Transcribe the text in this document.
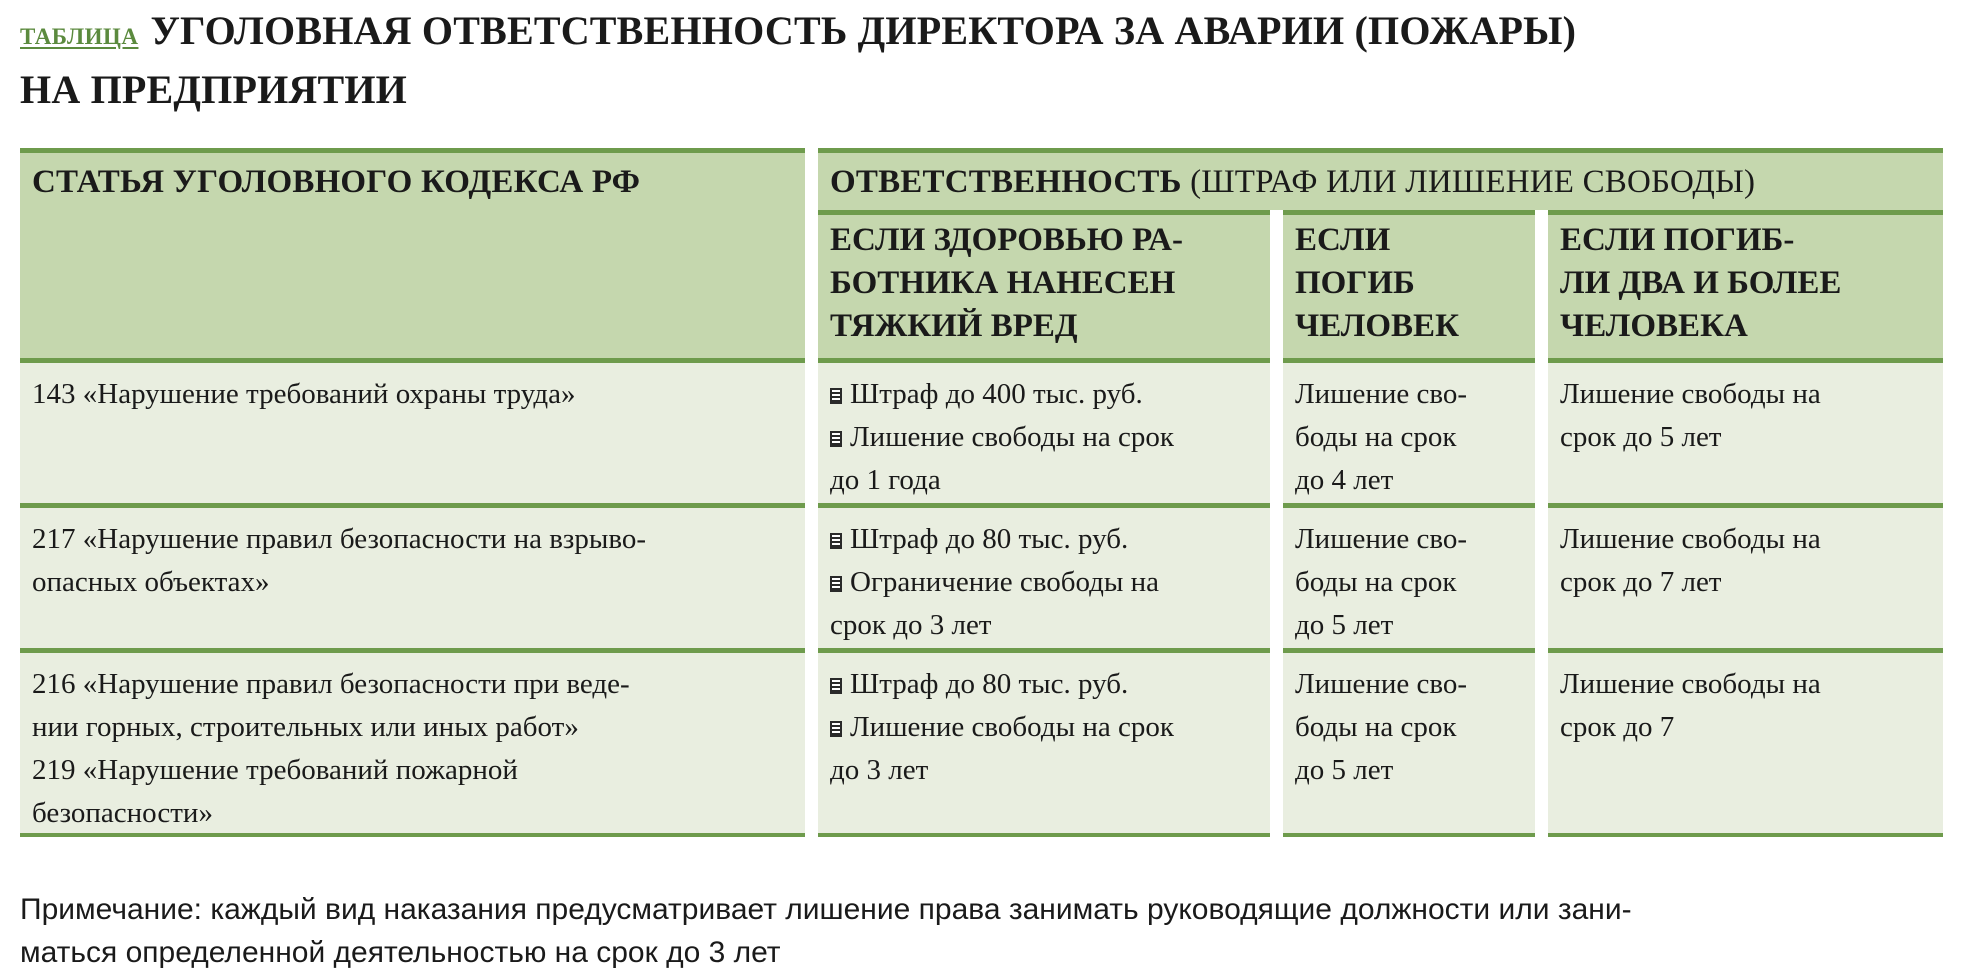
ТАБЛИЦА УГОЛОВНАЯ ОТВЕТСТВЕННОСТЬ ДИРЕКТОРА ЗА АВАРИИ (ПОЖАРЫ)
НА ПРЕДПРИЯТИИ
СТАТЬЯ УГОЛОВНОГО КОДЕКСА РФ	ОТВЕТСТВЕННОСТЬ (ШТРАФ ИЛИ ЛИШЕНИЕ СВОБОДЫ)
ЕСЛИ ЗДОРОВЬЮ РА-
БОТНИКА НАНЕСЕН
ТЯЖКИЙ ВРЕД
ЕСЛИ
ПОГИБ
ЧЕЛОВЕК
ЕСЛИ ПОГИБ-
ЛИ ДВА И БОЛЕЕ
ЧЕЛОВЕКА
143 «Нарушение требований охраны труда»	Штраф до 400 тыс. руб.
Лишение свободы на срок
до 1 года
Лишение сво-
боды на срок
до 4 лет
Лишение свободы на
срок до 5 лет
217 «Нарушение правил безопасности на взрыво-
опасных объектах»
Штраф до 80 тыс. руб.
Ограничение свободы на
срок до 3 лет
Лишение сво-
боды на срок
до 5 лет
Лишение свободы на
срок до 7 лет
216 «Нарушение правил безопасности при веде-
нии горных, строительных или иных работ»
219 «Нарушение требований пожарной
безопасности»
Штраф до 80 тыс. руб.
Лишение свободы на срок
до 3 лет
Лишение сво-
боды на срок
до 5 лет
Лишение свободы на
срок до 7
Примечание: каждый вид наказания предусматривает лишение права занимать руководящие должности или зани-
маться определенной деятельностью на срок до 3 лет
